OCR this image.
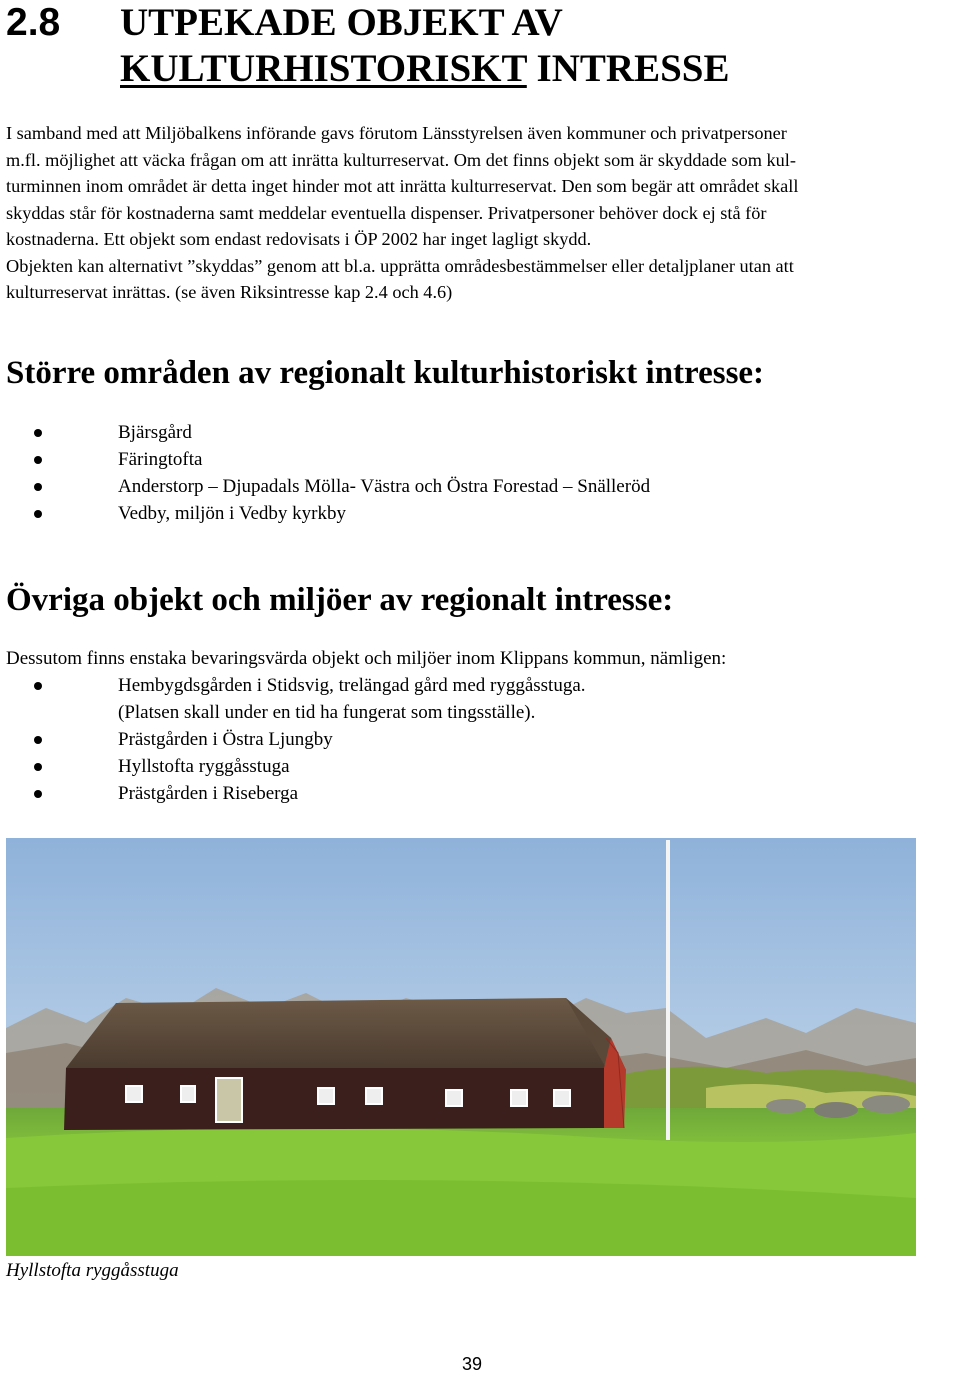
2.8 UTPEKADE OBJEKT AV
KULTURHISTORISKT INTRESSE
I samband med att Miljöbalkens införande gavs förutom Länsstyrelsen även kommuner och privatpersoner
m.fl. möjlighet att väcka frågan om att inrätta kulturreservat. Om det finns objekt som är skyddade som kul-
turminnen inom området är detta inget hinder mot att inrätta kulturreservat. Den som begär att området skall
skyddas står för kostnaderna samt meddelar eventuella dispenser. Privatpersoner behöver dock ej stå för
kostnaderna. Ett objekt som endast redovisats i ÖP 2002 har inget lagligt skydd.
Objekten kan alternativt ”skyddas” genom att bl.a. upprätta områdesbestämmelser eller detaljplaner utan att
kulturreservat inrättas. (se även Riksintresse kap 2.4 och 4.6)
Större områden av regionalt kulturhistoriskt intresse:
Bjärsgård
Färingtofta
Anderstorp – Djupadals Mölla- Västra och Östra Forestad – Snälleröd
Vedby, miljön i Vedby kyrkby
Övriga objekt och miljöer av regionalt intresse:
Dessutom finns enstaka bevaringsvärda objekt och miljöer inom Klippans kommun, nämligen:
Hembygdsgården i Stidsvig, trelängad gård med ryggåsstuga.
(Platsen skall under en tid ha fungerat som tingsställe).
Prästgården i Östra Ljungby
Hyllstofta ryggåsstuga
Prästgården i Riseberga
Hyllstofta ryggåsstuga
39
